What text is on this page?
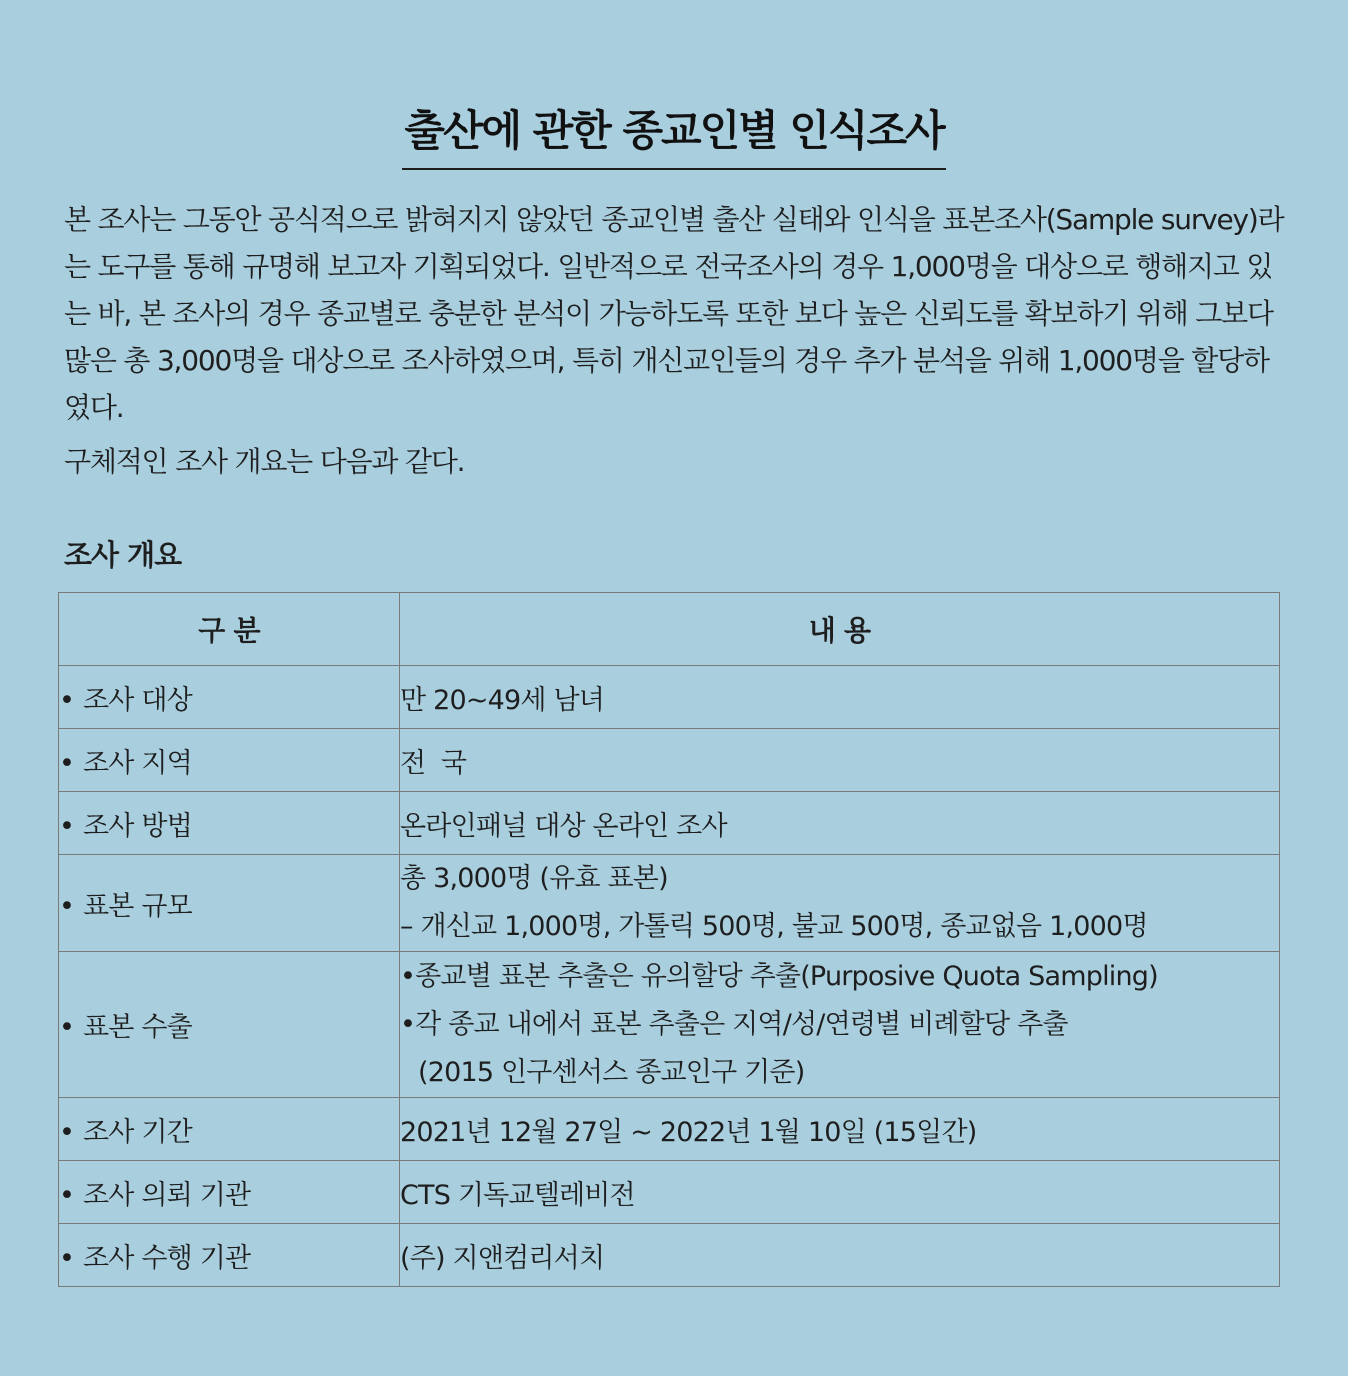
출산에 관한 종교인별 인식조사

본 조사는 그동안 공식적으로 밝혀지지 않았던 종교인별 출산 실태와 인식을 표본조사(Sample survey)라는 도구를 통해 규명해 보고자 기획되었다. 일반적으로 전국조사의 경우 1,000명을 대상으로 행해지고 있는 바, 본 조사의 경우 종교별로 충분한 분석이 가능하도록 또한 보다 높은 신뢰도를 확보하기 위해 그보다 많은 총 3,000명을 대상으로 조사하였으며, 특히 개신교인들의 경우 추가 분석을 위해 1,000명을 할당하였다.

구체적인 조사 개요는 다음과 같다.

조사 개요
구 분	내 용
• 조사 대상	만 20~49세 남녀
• 조사 지역	전  국
• 조사 방법	온라인패널 대상 온라인 조사
• 표본 규모	총 3,000명 (유효 표본)
– 개신교 1,000명, 가톨릭 500명, 불교 500명, 종교없음 1,000명

• 표본 수출	•종교별 표본 추출은 유의할당 추출(Purposive Quota Sampling)
•각 종교 내에서 표본 추출은 지역/성/연령별 비례할당 추출
(2015 인구센서스 종교인구 기준)

• 조사 기간	2021년 12월 27일 ~ 2022년 1월 10일 (15일간)
• 조사 의뢰 기관	CTS 기독교텔레비전
• 조사 수행 기관	(주) 지앤컴리서치
